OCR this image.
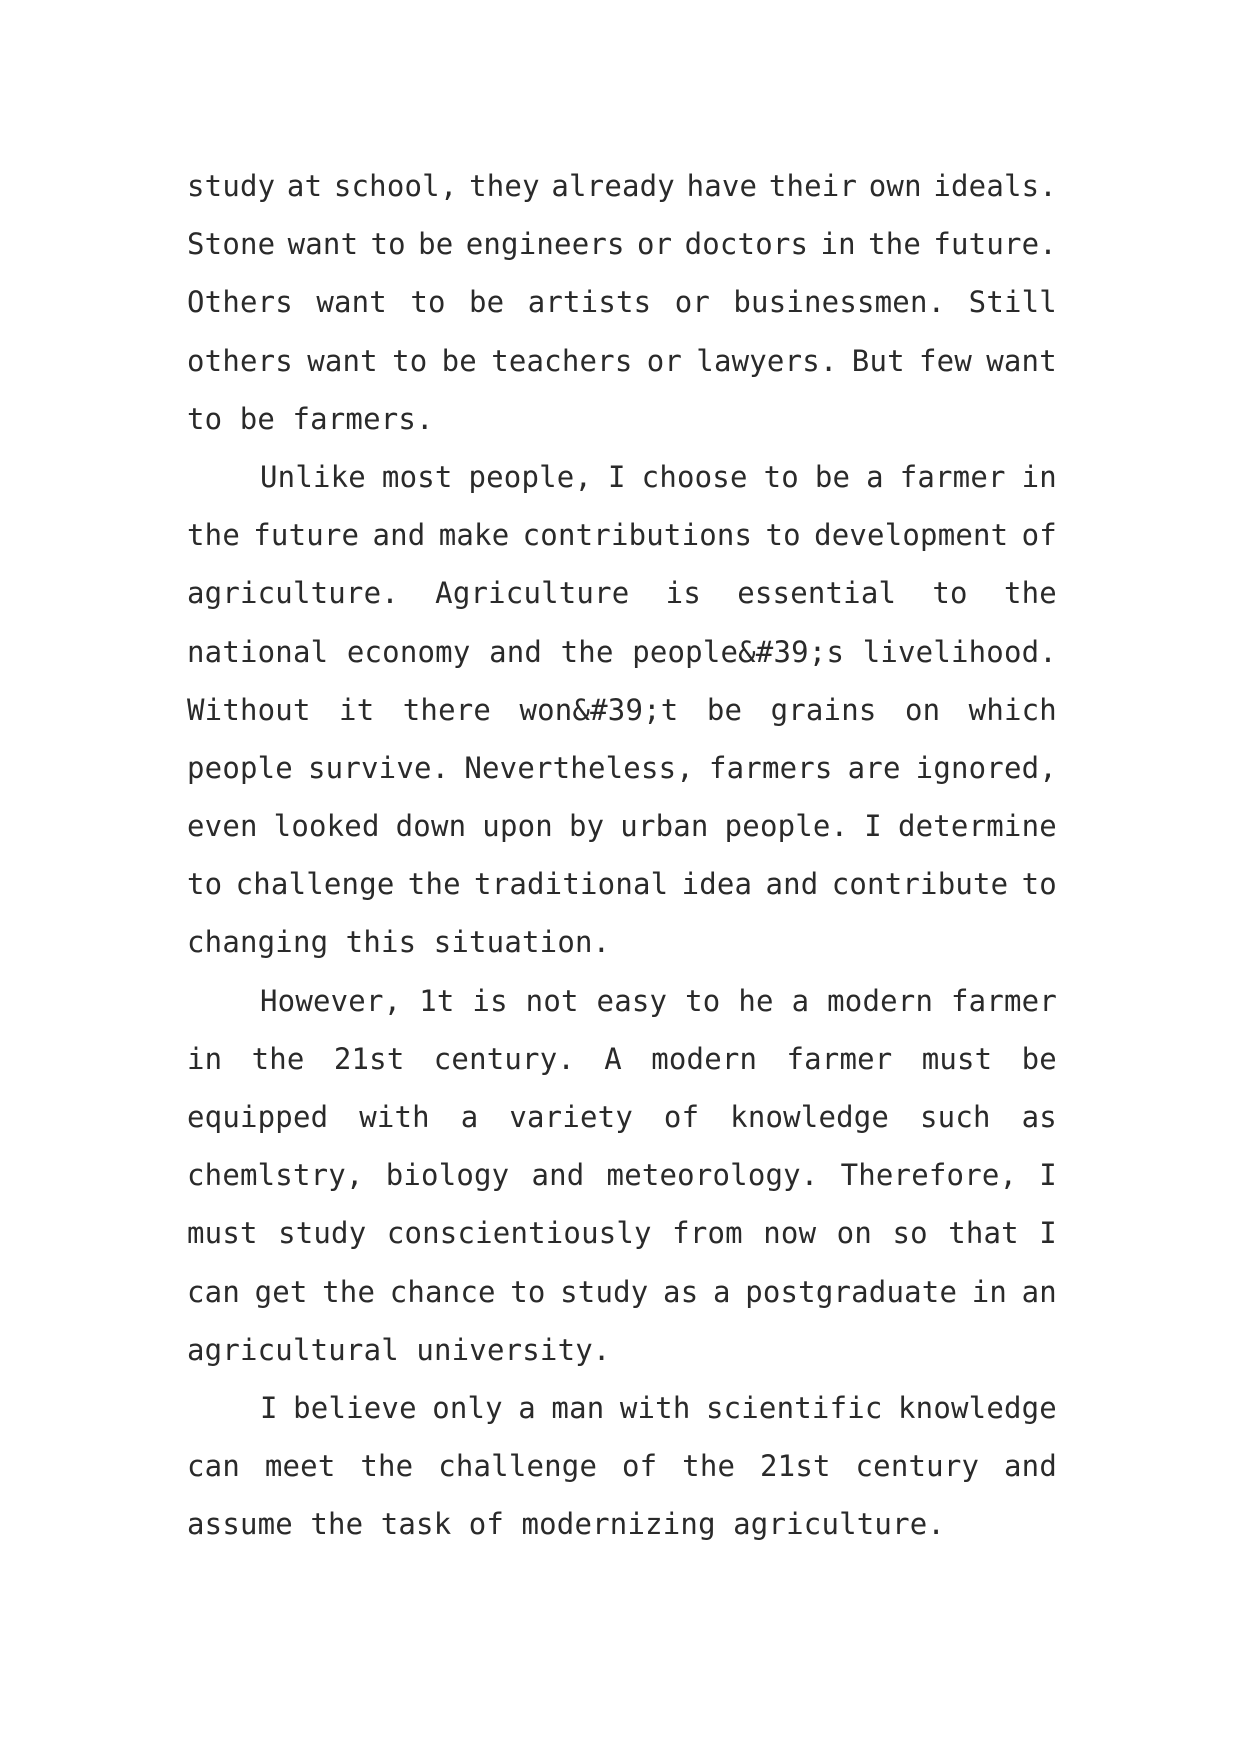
study at school, they already have their own ideals.
Stone want to be engineers or doctors in the future.
Others want to be artists or businessmen. Still
others want to be teachers or lawyers. But few want
to be farmers.
Unlike most people, I choose to be a farmer in
the future and make contributions to development of
agriculture. Agriculture is essential to the
national economy and the people&#39;s livelihood.
Without it there won&#39;t be grains on which
people survive. Nevertheless, farmers are ignored,
even looked down upon by urban people. I determine
to challenge the traditional idea and contribute to
changing this situation.
However, 1t is not easy to he a modern farmer
in the 21st century. A modern farmer must be
equipped with a variety of knowledge such as
chemlstry, biology and meteorology. Therefore, I
must study conscientiously from now on so that I
can get the chance to study as a postgraduate in an
agricultural university.
I believe only a man with scientific knowledge
can meet the challenge of the 21st century and
assume the task of modernizing agriculture.
